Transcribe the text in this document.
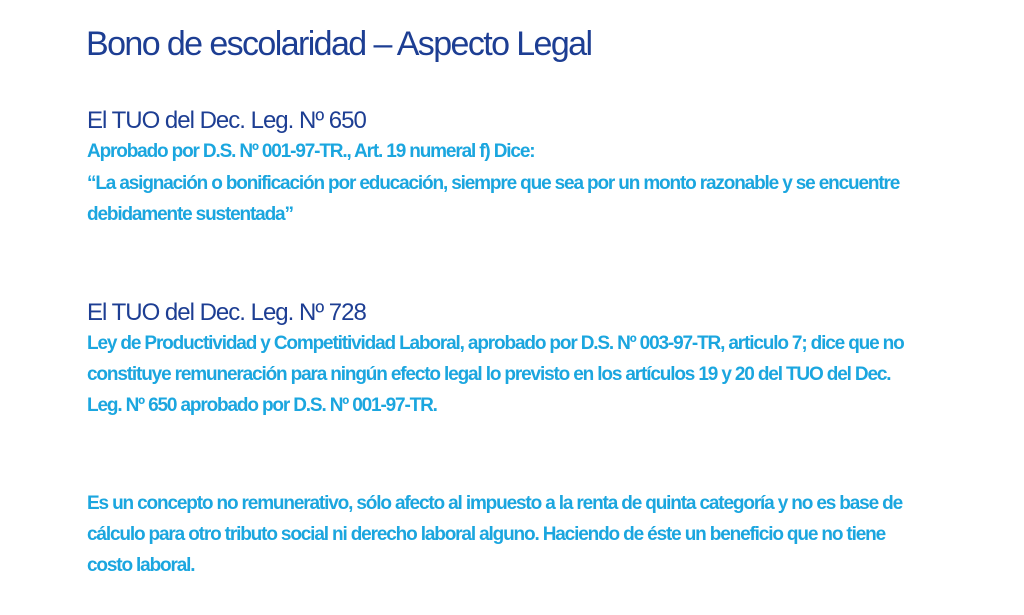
Bono de escolaridad – Aspecto Legal
El TUO del Dec. Leg. Nº 650
Aprobado por D.S. Nº 001-97-TR., Art. 19 numeral f) Dice:
“La asignación o bonificación por educación, siempre que sea por un monto razonable y se encuentre
debidamente sustentada”
El TUO del Dec. Leg. Nº 728
Ley de Productividad y Competitividad Laboral, aprobado por D.S. Nº 003-97-TR, articulo 7; dice que no
constituye remuneración para ningún efecto legal lo previsto en los artículos 19 y 20 del TUO del Dec.
Leg. Nº 650 aprobado por D.S. Nº 001-97-TR.
Es un concepto no remunerativo, sólo afecto al impuesto a la renta de quinta categoría y no es base de
cálculo para otro tributo social ni derecho laboral alguno. Haciendo de éste un beneficio que no tiene
costo laboral.
